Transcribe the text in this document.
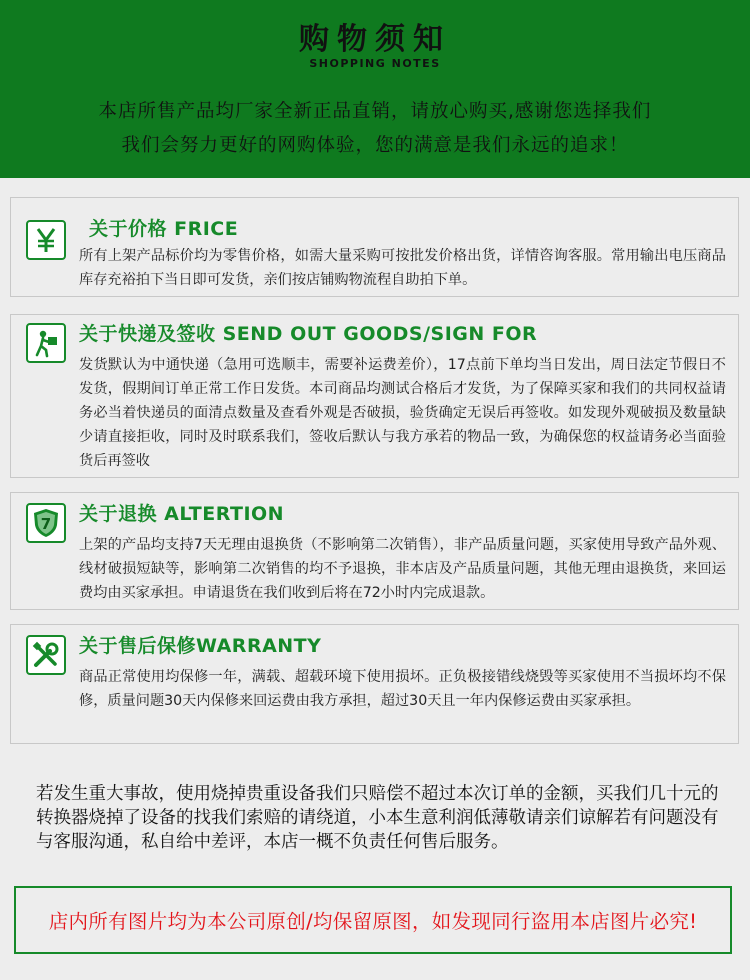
购物须知
SHOPPING NOTES
本店所售产品均厂家全新正品直销，请放心购买,感谢您选择我们
我们会努力更好的网购体验，您的满意是我们永远的追求！
关于价格 FRICE
所有上架产品标价均为零售价格，如需大量采购可按批发价格出货，详情咨询客服。常用输出电压商品库存充裕拍下当日即可发货，亲们按店铺购物流程自助拍下单。
关于快递及签收 SEND OUT GOODS/SIGN FOR
发货默认为中通快递（急用可选顺丰，需要补运费差价），17点前下单均当日发出，周日法定节假日不发货，假期间订单正常工作日发货。本司商品均测试合格后才发货，为了保障买家和我们的共同权益请务必当着快递员的面清点数量及查看外观是否破损，验货确定无误后再签收。如发现外观破损及数量缺少请直接拒收，同时及时联系我们，签收后默认与我方承若的物品一致，为确保您的权益请务必当面验货后再签收
7 关于退换 ALTERTION
上架的产品均支持7天无理由退换货（不影响第二次销售），非产品质量问题，买家使用导致产品外观、线材破损短缺等，影响第二次销售的均不予退换，非本店及产品质量问题，其他无理由退换货，来回运费均由买家承担。申请退货在我们收到后将在72小时内完成退款。
关于售后保修WARRANTY
商品正常使用均保修一年，满载、超载环境下使用损坏。正负极接错线烧毁等买家使用不当损坏均不保修，质量问题30天内保修来回运费由我方承担，超过30天且一年内保修运费由买家承担。
若发生重大事故，使用烧掉贵重设备我们只赔偿不超过本次订单的金额，买我们几十元的转换器烧掉了设备的找我们索赔的请绕道，小本生意利润低薄敬请亲们谅解若有问题没有与客服沟通，私自给中差评，本店一概不负责任何售后服务。
店内所有图片均为本公司原创/均保留原图，如发现同行盗用本店图片必究!
